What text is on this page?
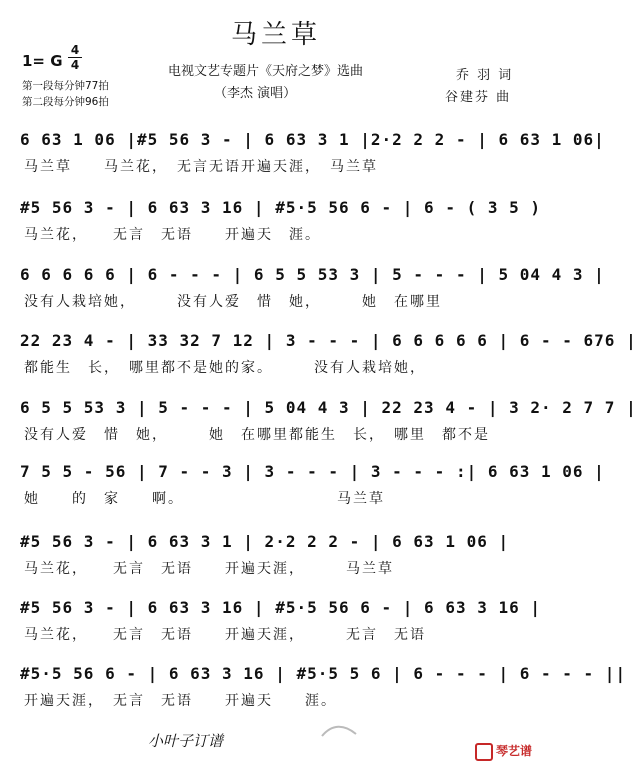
马兰草
1= G
4
4
第一段每分钟77拍
第二段每分钟96拍
电视文艺专题片《天府之梦》选曲
（李杰 演唱）
乔 羽 词
谷建芬 曲
6 63 1 06 |#5 56 3 - | 6 63 3 1 |2·2 2 2 - | 6 63 1 06|
马兰草　　马兰花，　无言无语开遍天涯，　马兰草
#5 56 3 - | 6 63 3 16 | #5·5 56 6 - | 6 - ( 3 5 )
马兰花，　　无言　无语　　开遍天　涯。
6 6 6 6 6 | 6 - - - | 6 5 5 53 3 | 5 - - - | 5 04 4 3 |
没有人栽培她，　　　没有人爱　惜　她，　　　她　在哪里
22 23 4 - | 33 32 7 12 | 3 - - - | 6 6 6 6 6 | 6 - - 676 |
都能生　长，　哪里都不是她的家。　　　没有人栽培她，
6 5 5 53 3 | 5 - - - | 5 04 4 3 | 22 23 4 - | 3 2· 2 7 7 |
没有人爱　惜　她，　　　她　在哪里都能生　长，　哪里　都不是
7 5 5 - 56 | 7 - - 3 | 3 - - - | 3 - - - :| 6 63 1 06 |
她　　的　家　　啊。　　　　　　　　　　马兰草
#5 56 3 - | 6 63 3 1 | 2·2 2 2 - | 6 63 1 06 |
马兰花，　　无言　无语　　开遍天涯，　　　马兰草
#5 56 3 - | 6 63 3 16 | #5·5 56 6 - | 6 63 3 16 |
马兰花，　　无言　无语　　开遍天涯，　　　无言　无语
#5·5 56 6 - | 6 63 3 16 | #5·5 5 6 | 6 - - - | 6 - - - ||
开遍天涯，　无言　无语　　开遍天　　涯。
小叶子订谱
琴艺谱
